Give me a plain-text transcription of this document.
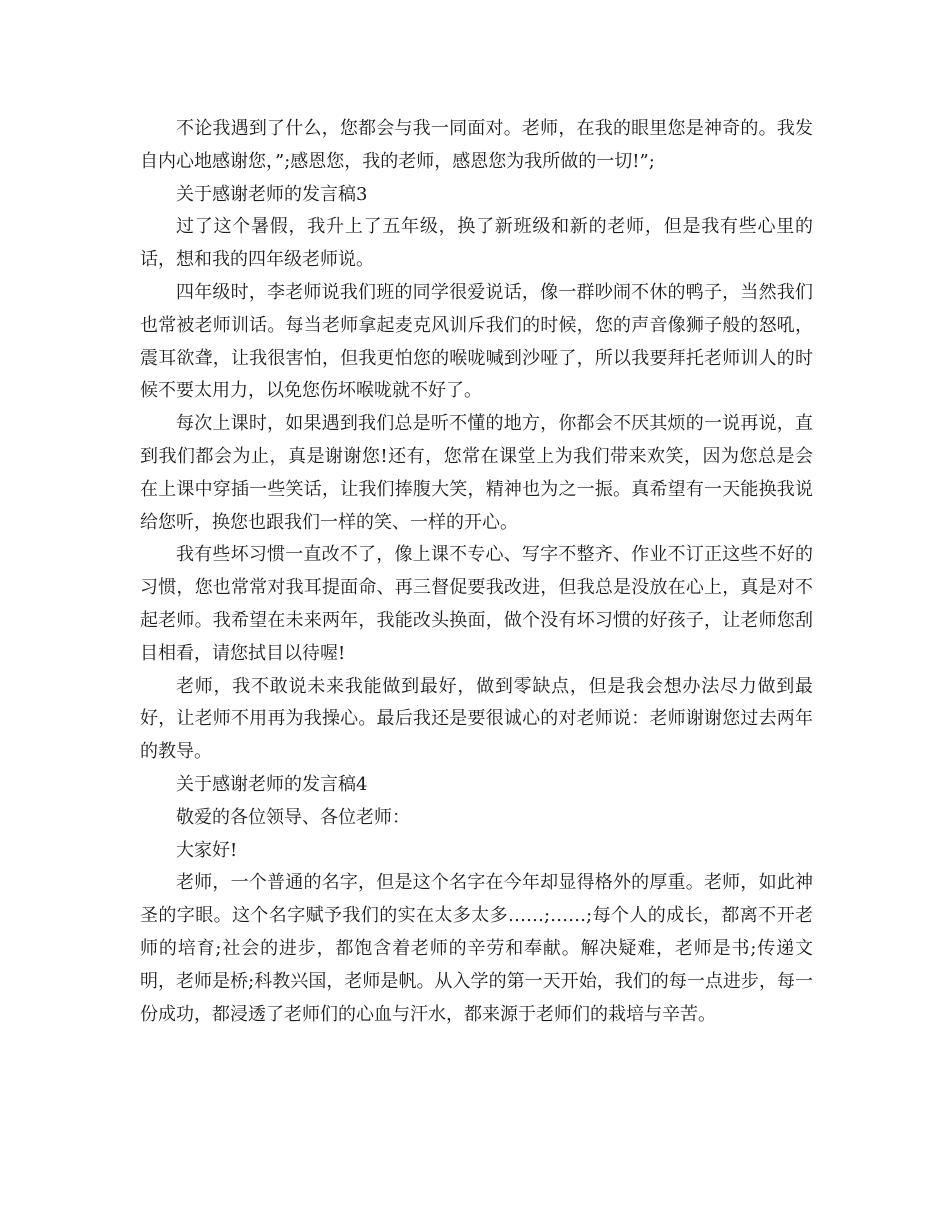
不论我遇到了什么，您都会与我一同面对。老师，在我的眼里您是神奇的。我发自内心地感谢您，”;感恩您，我的老师，感恩您为我所做的一切!”;

关于感谢老师的发言稿3

过了这个暑假，我升上了五年级，换了新班级和新的老师，但是我有些心里的话，想和我的四年级老师说。

四年级时，李老师说我们班的同学很爱说话，像一群吵闹不休的鸭子，当然我们也常被老师训话。每当老师拿起麦克风训斥我们的时候，您的声音像狮子般的怒吼，震耳欲聋，让我很害怕，但我更怕您的喉咙喊到沙哑了，所以我要拜托老师训人的时候不要太用力，以免您伤坏喉咙就不好了。

每次上课时，如果遇到我们总是听不懂的地方，你都会不厌其烦的一说再说，直到我们都会为止，真是谢谢您!还有，您常在课堂上为我们带来欢笑，因为您总是会在上课中穿插一些笑话，让我们捧腹大笑，精神也为之一振。真希望有一天能换我说给您听，换您也跟我们一样的笑、一样的开心。

我有些坏习惯一直改不了，像上课不专心、写字不整齐、作业不订正这些不好的习惯，您也常常对我耳提面命、再三督促要我改进，但我总是没放在心上，真是对不起老师。我希望在未来两年，我能改头换面，做个没有坏习惯的好孩子，让老师您刮目相看，请您拭目以待喔!

老师，我不敢说未来我能做到最好，做到零缺点，但是我会想办法尽力做到最好，让老师不用再为我操心。最后我还是要很诚心的对老师说：老师谢谢您过去两年的教导。

关于感谢老师的发言稿4

敬爱的各位领导、各位老师：

大家好!

老师，一个普通的名字，但是这个名字在今年却显得格外的厚重。老师，如此神圣的字眼。这个名字赋予我们的实在太多太多……;……;每个人的成长，都离不开老师的培育;社会的进步，都饱含着老师的辛劳和奉献。解决疑难，老师是书;传递文明，老师是桥;科教兴国，老师是帆。从入学的第一天开始，我们的每一点进步，每一份成功，都浸透了老师们的心血与汗水，都来源于老师们的栽培与辛苦。
